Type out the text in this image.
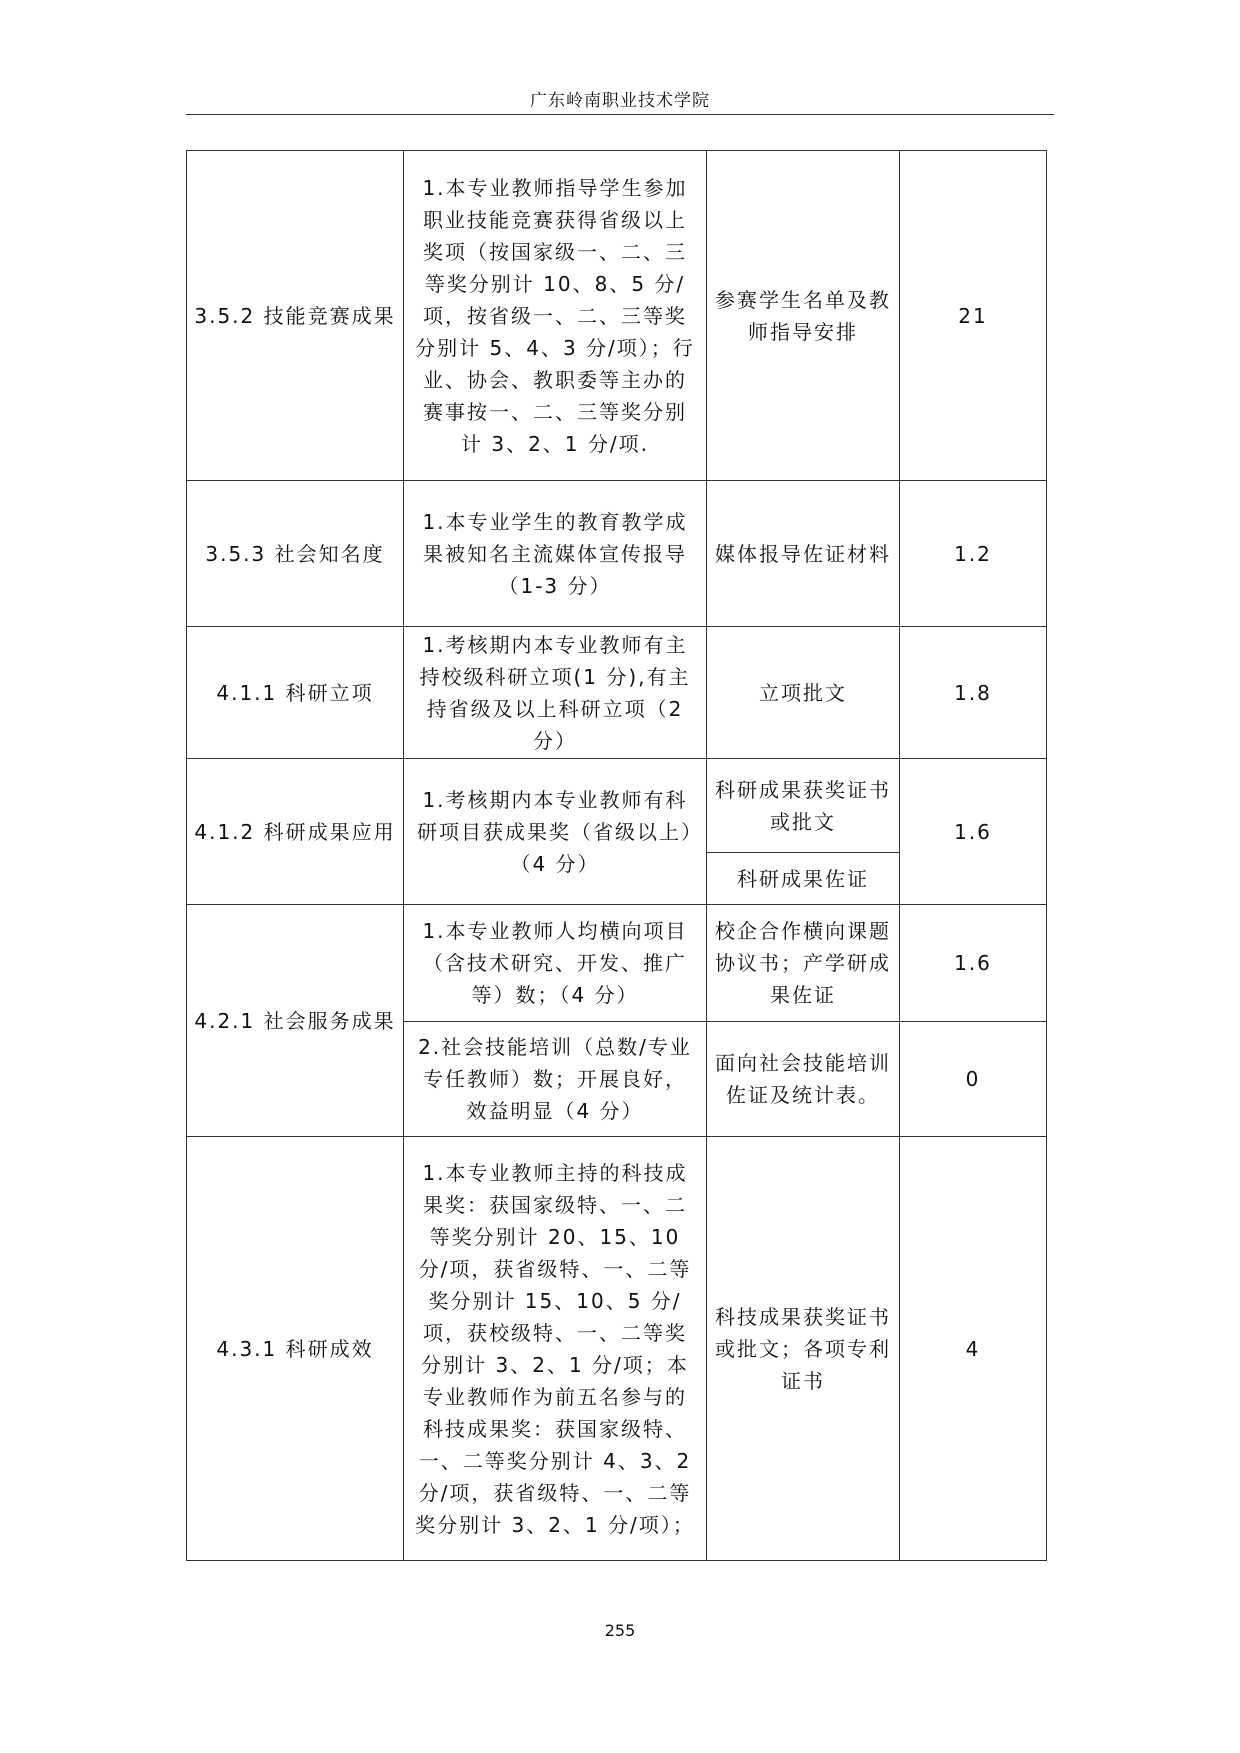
广东岭南职业技术学院
3.5.2 技能竞赛成果	1.本专业教师指导学生参加职业技能竞赛获得省级以上奖项（按国家级一、二、三等奖分别计 10、8、5 分/项，按省级一、二、三等奖分别计 5、4、3 分/项）；行业、协会、教职委等主办的赛事按一、二、三等奖分别计 3、2、1 分/项.	参赛学生名单及教师指导安排	21
3.5.3 社会知名度	1.本专业学生的教育教学成果被知名主流媒体宣传报导（1-3 分）	媒体报导佐证材料	1.2
4.1.1 科研立项	1.考核期内本专业教师有主持校级科研立项(1 分),有主持省级及以上科研立项（2 分）	立项批文	1.8
4.1.2 科研成果应用	1.考核期内本专业教师有科研项目获成果奖（省级以上）（4 分）	科研成果获奖证书或批文	1.6
		科研成果佐证	
4.2.1 社会服务成果	1.本专业教师人均横向项目（含技术研究、开发、推广等）数；（4 分）	校企合作横向课题协议书；产学研成果佐证	1.6
	2.社会技能培训（总数/专业专任教师）数；开展良好，效益明显（4 分）	面向社会技能培训佐证及统计表。	0
4.3.1 科研成效	1.本专业教师主持的科技成果奖：获国家级特、一、二等奖分别计 20、15、10 分/项，获省级特、一、二等奖分别计 15、10、5 分/项，获校级特、一、二等奖分别计 3、2、1 分/项；本专业教师作为前五名参与的科技成果奖：获国家级特、一、二等奖分别计 4、3、2 分/项，获省级特、一、二等奖分别计 3、2、1 分/项）；	科技成果获奖证书或批文；各项专利证书	4
255
